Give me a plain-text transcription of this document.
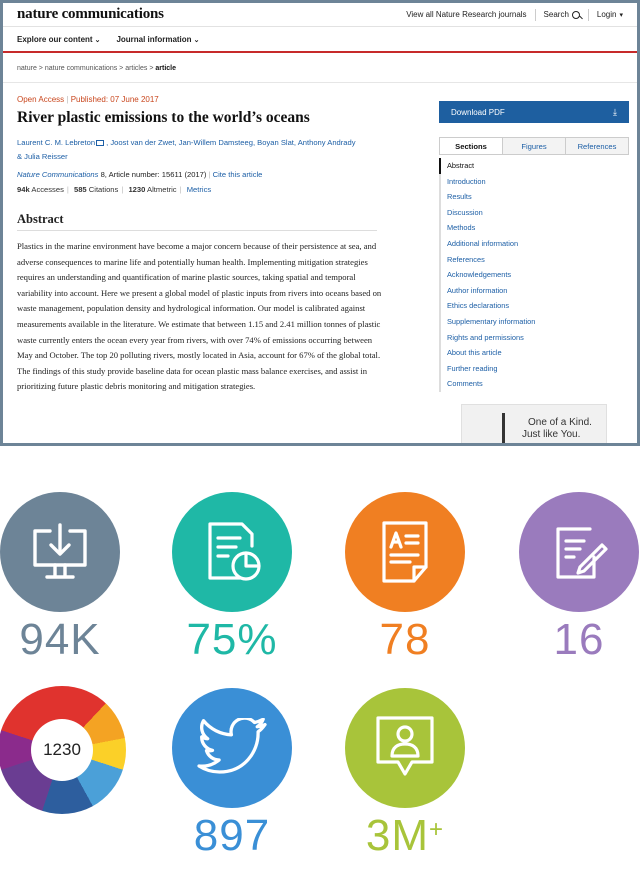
nature communications	View all Nature Research journals Search	Login ▾
Explore our content ⌄ Journal information ⌄
nature > nature communications > articles > article
Open Access | Published: 07 June 2017
River plastic emissions to the world’s oceans
Laurent C. M. Lebreton , Joost van der Zwet, Jan-Willem Damsteeg, Boyan Slat, Anthony Andrady
& Julia Reisser
Nature Communications 8, Article number: 15611 (2017) | Cite this article
94k Accesses | 585 Citations | 1230 Altmetric | Metrics
Abstract

Plastics in the marine environment have become a major concern because of their persistence at sea, and adverse consequences to marine life and potentially human health. Implementing mitigation strategies requires an understanding and quantification of marine plastic sources, taking spatial and temporal variability into account. Here we present a global model of plastic inputs from rivers into oceans based on waste management, population density and hydrological information. Our model is calibrated against measurements available in the literature. We estimate that between 1.15 and 2.41 million tonnes of plastic waste currently enters the ocean every year from rivers, with over 74% of emissions occurring between May and October. The top 20 polluting rivers, mostly located in Asia, account for 67% of the global total. The findings of this study provide baseline data for ocean plastic mass balance exercises, and assist in prioritizing future plastic debris monitoring and mitigation strategies.

Download PDF	⤓
Sections	Figures	References
Abstract
Introduction
Results
Discussion
Methods
Additional information
References
Acknowledgements
Author information
Ethics declarations
Supplementary information
Rights and permissions
About this article
Further reading
Comments
One of a Kind.
Just like You.
94K	75%	78	16
1230
897	3M+
